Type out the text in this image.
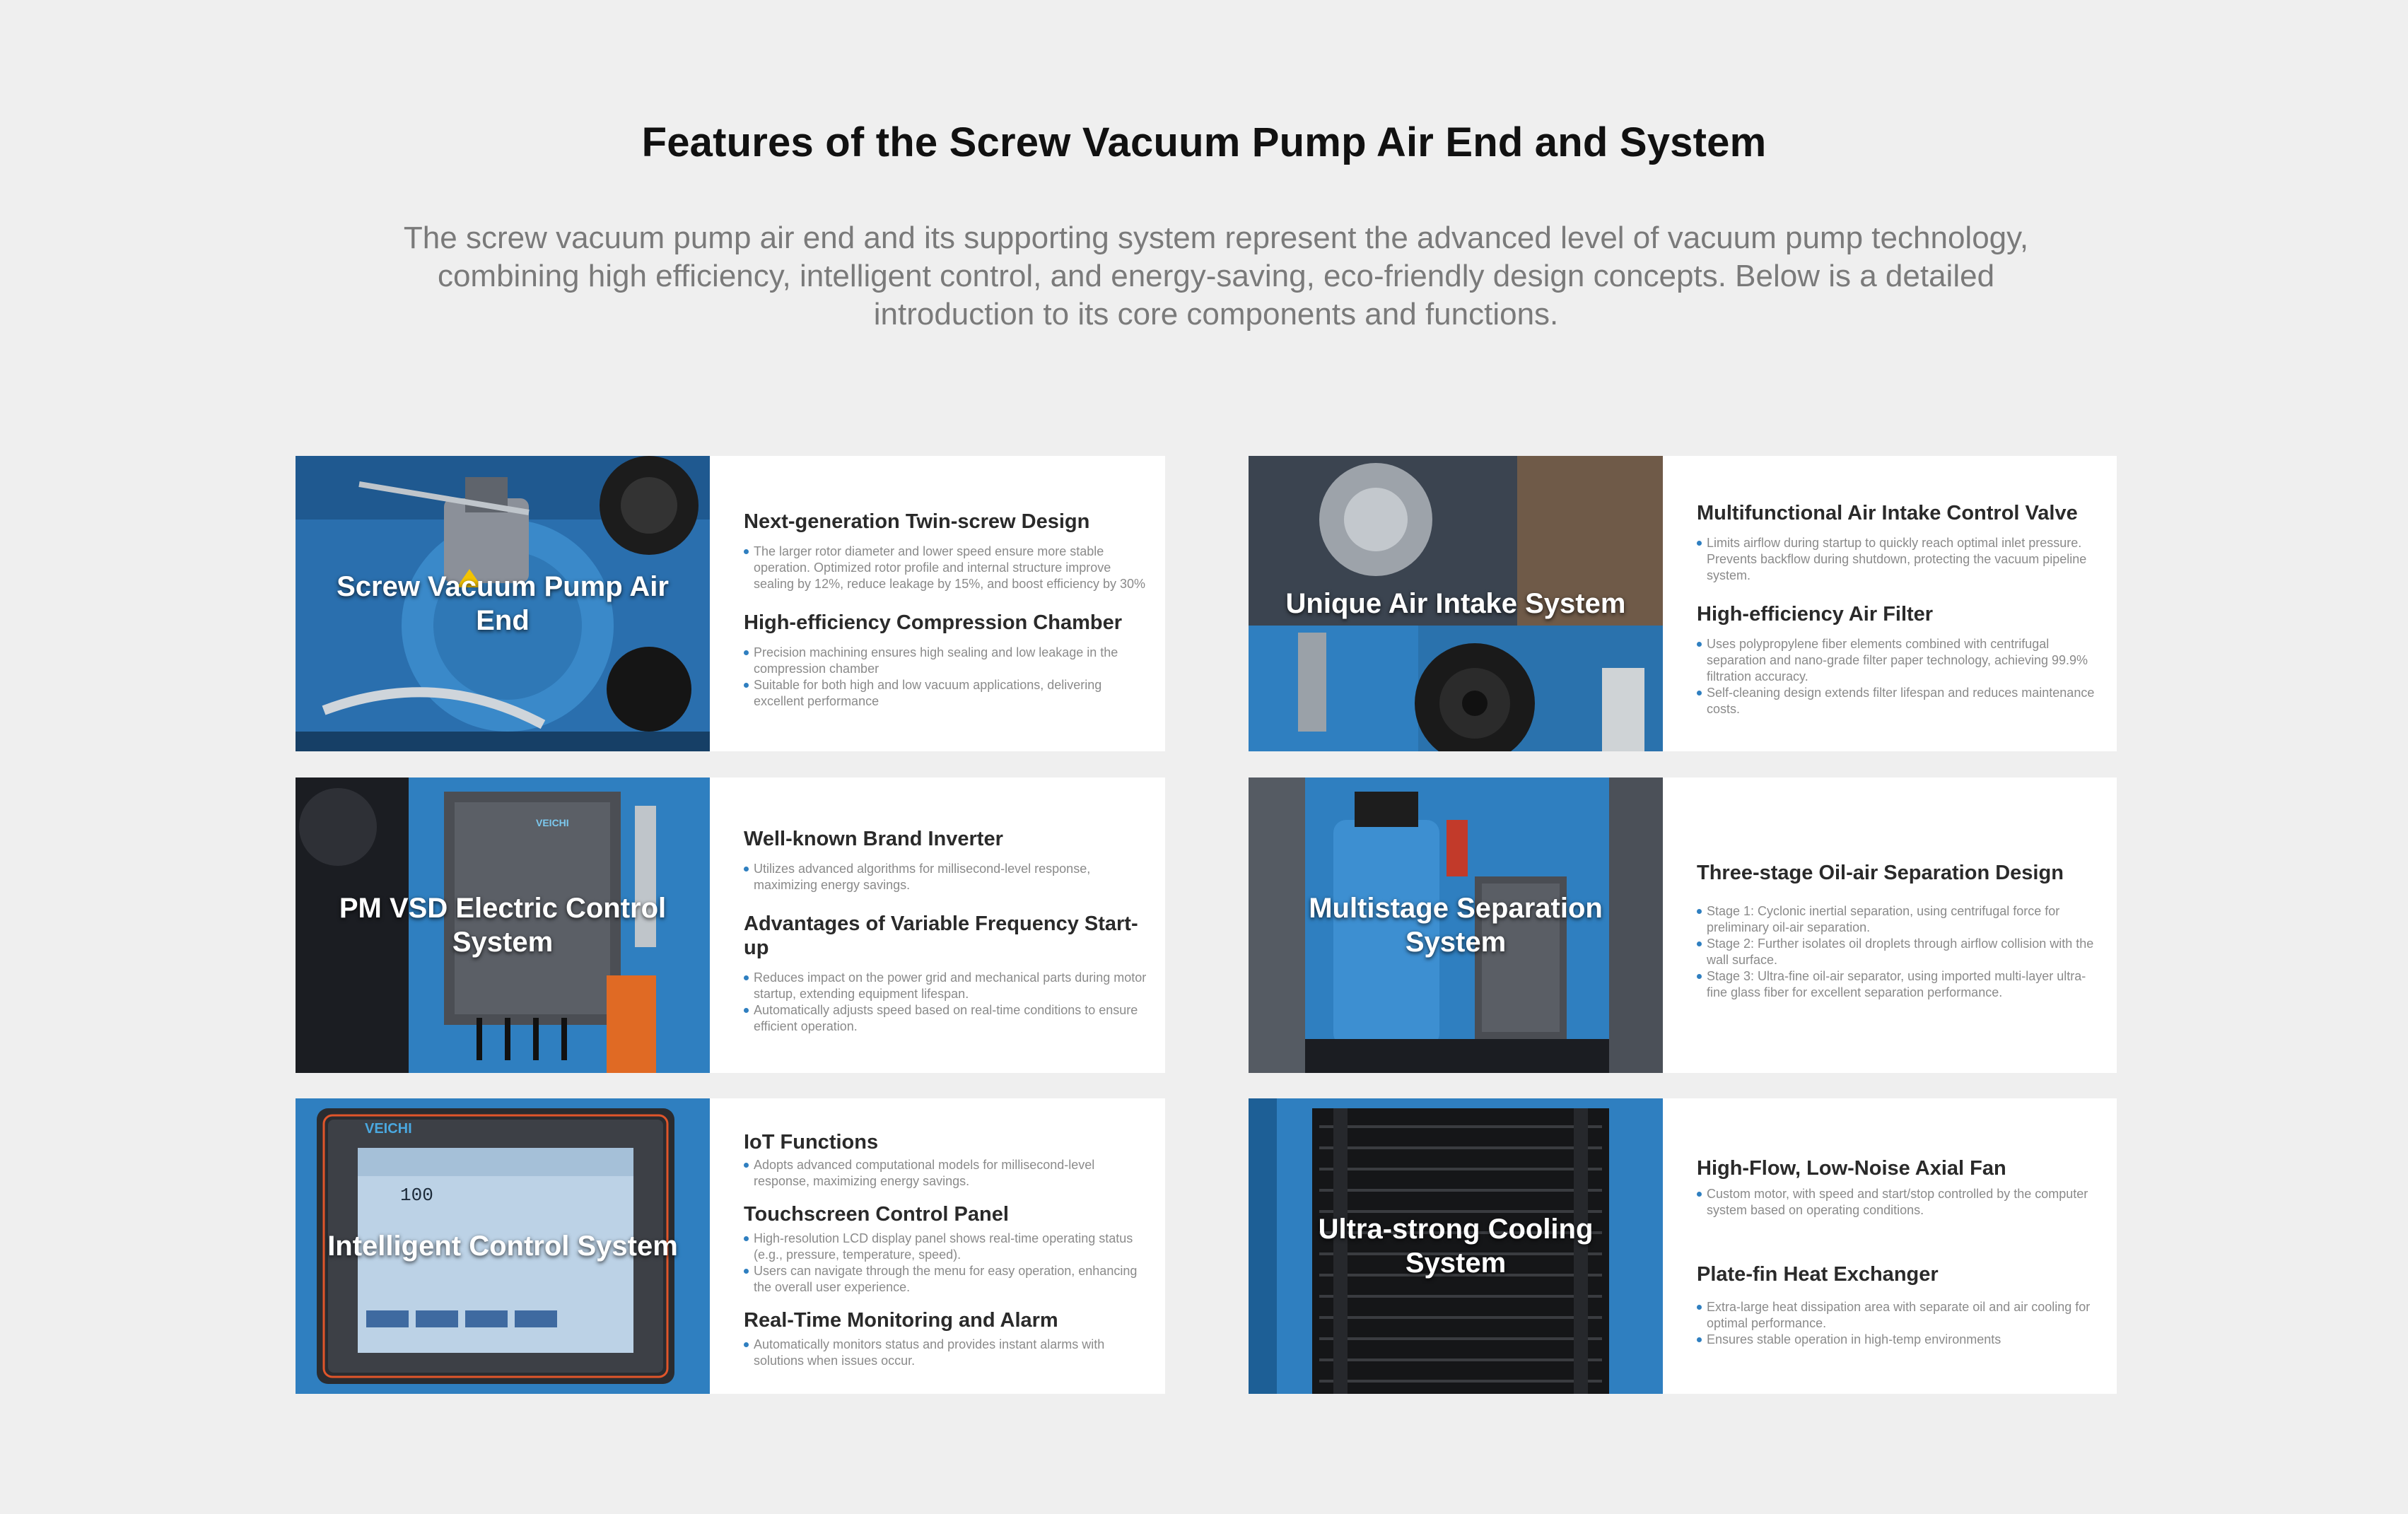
Features of the Screw Vacuum Pump Air End and System

The screw vacuum pump air end and its supporting system represent the advanced level of vacuum pump technology, combining high efficiency, intelligent control, and energy-saving, eco-friendly design concepts. Below is a detailed introduction to its core components and functions.

Screw Vacuum Pump Air End
Next-generation Twin-screw Design
The larger rotor diameter and lower speed ensure more stable operation. Optimized rotor profile and internal structure improve sealing by 12%, reduce leakage by 15%, and boost efficiency by 30%
High-efficiency Compression Chamber
Precision machining ensures high sealing and low leakage in the compression chamber
Suitable for both high and low vacuum applications, delivering excellent performance
Unique Air Intake System
Multifunctional Air Intake Control Valve
Limits airflow during startup to quickly reach optimal inlet pressure. Prevents backflow during shutdown, protecting the vacuum pipeline system.
High-efficiency Air Filter
Uses polypropylene fiber elements combined with centrifugal separation and nano-grade filter paper technology, achieving 99.9% filtration accuracy.
Self-cleaning design extends filter lifespan and reduces maintenance costs.
VEICHI
PM VSD Electric Control System
Well-known Brand Inverter
Utilizes advanced algorithms for millisecond-level response, maximizing energy savings.
Advantages of Variable Frequency Start-up
Reduces impact on the power grid and mechanical parts during motor startup, extending equipment lifespan.
Automatically adjusts speed based on real-time conditions to ensure efficient operation.
Multistage Separation System
Three-stage Oil-air Separation Design
Stage 1: Cyclonic inertial separation, using centrifugal force for preliminary oil-air separation.
Stage 2: Further isolates oil droplets through airflow collision with the wall surface.
Stage 3: Ultra-fine oil-air separator, using imported multi-layer ultra-fine glass fiber for excellent separation performance.
VEICHI
100
Intelligent Control System
IoT Functions
Adopts advanced computational models for millisecond-level response, maximizing energy savings.
Touchscreen Control Panel
High-resolution LCD display panel shows real-time operating status (e.g., pressure, temperature, speed).
Users can navigate through the menu for easy operation, enhancing the overall user experience.
Real-Time Monitoring and Alarm
Automatically monitors status and provides instant alarms with solutions when issues occur.
Ultra-strong Cooling System
High-Flow, Low-Noise Axial Fan
Custom motor, with speed and start/stop controlled by the computer system based on operating conditions.
Plate-fin Heat Exchanger
Extra-large heat dissipation area with separate oil and air cooling for optimal performance.
Ensures stable operation in high-temp environments
